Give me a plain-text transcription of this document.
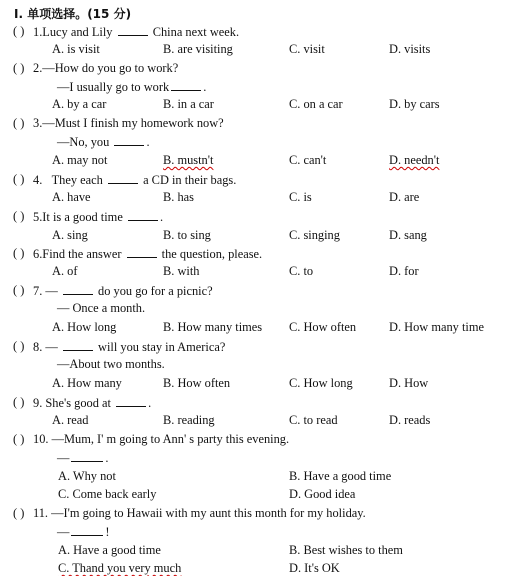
Ⅰ. 单项选择。(15 分)
( ) 1.Lucy and Lily	China next week.
A. is visit	B. are visiting	C. visit	D. visits
( ) 2.—How do you go to work?
—I usually go to work	.
A. by a car	B. in a car	C. on a car	D. by cars
( ) 3.—Must I finish my homework now?
—No, you	.
A. may not	B. mustn't	C. can't	D. needn't
( ) 4. They each	a CD in their bags.
A. have	B. has	C. is	D. are
( ) 5.It is a good time	.
A. sing	B. to sing	C. singing	D. sang
( ) 6.Find the answer	the question, please.
A. of	B. with	C. to	D. for
( ) 7. —	do you go for a picnic?
— Once a month.
A. How long	B. How many times C. How often	D. How many time
( ) 8. —	will you stay in America?
—About two months.
A. How many	B. How often	C. How long	D. How
( ) 9. She's good at	.
A. read	B. reading	C. to read	D. reads
( ) 10. —Mum, I' m going to Ann' s party this evening.
—	.
A. Why not	B. Have a good time
C. Come back early	D. Good idea
( ) 11. —I'm going to Hawaii with my aunt this month for my holiday.
—	!
A. Have a good time	B. Best wishes to them
C. Thand you very much	D. It's OK
